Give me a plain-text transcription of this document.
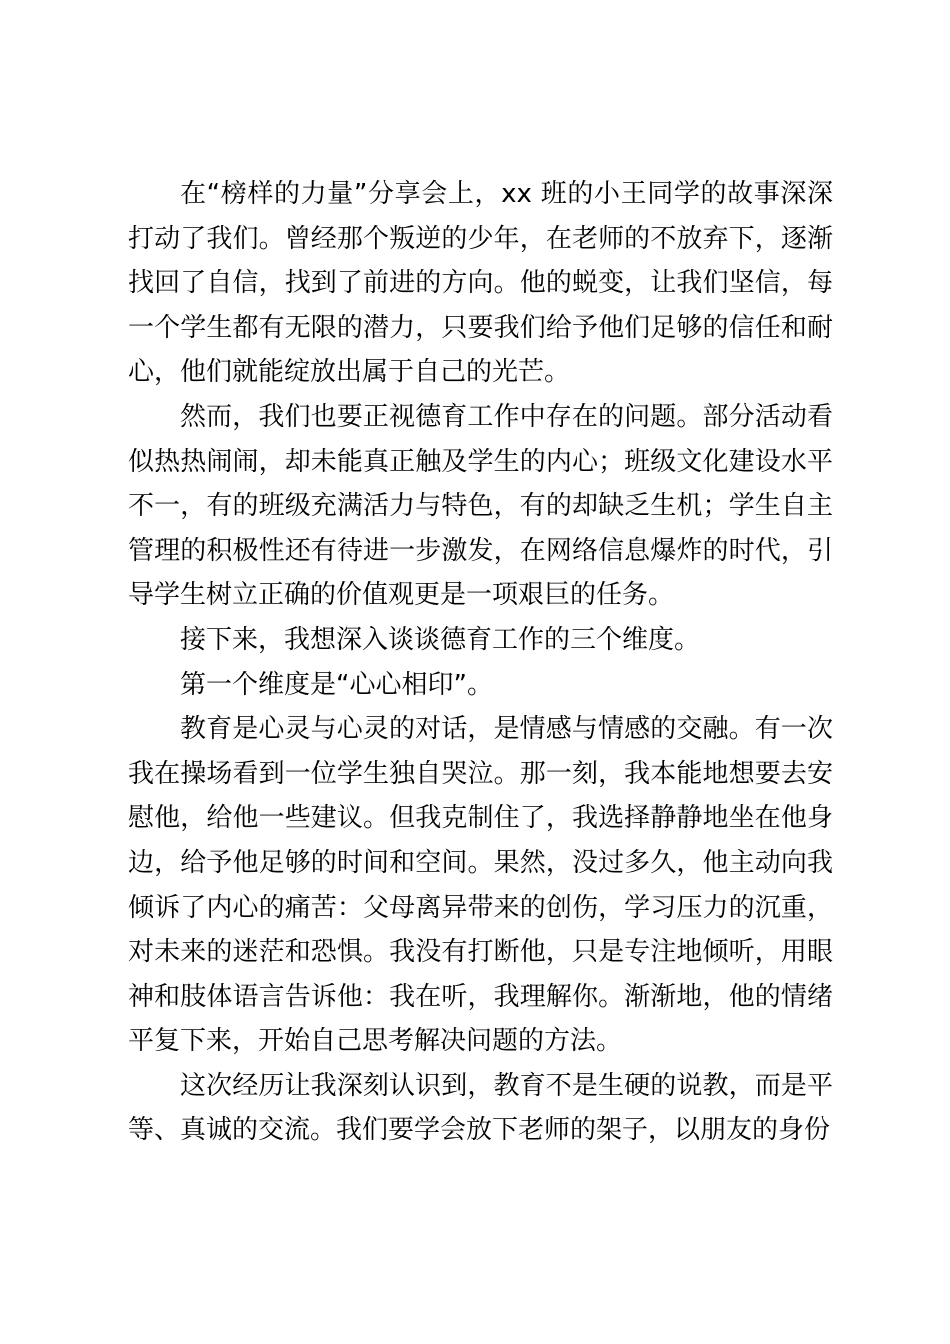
在“榜样的力量”分享会上，xx 班的小王同学的故事深深打动了我们。曾经那个叛逆的少年，在老师的不放弃下，逐渐找回了自信，找到了前进的方向。他的蜕变，让我们坚信，每一个学生都有无限的潜力，只要我们给予他们足够的信任和耐心，他们就能绽放出属于自己的光芒。

然而，我们也要正视德育工作中存在的问题。部分活动看似热热闹闹，却未能真正触及学生的内心；班级文化建设水平不一，有的班级充满活力与特色，有的却缺乏生机；学生自主管理的积极性还有待进一步激发，在网络信息爆炸的时代，引导学生树立正确的价值观更是一项艰巨的任务。

接下来，我想深入谈谈德育工作的三个维度。

第一个维度是“心心相印”。

教育是心灵与心灵的对话，是情感与情感的交融。有一次我在操场看到一位学生独自哭泣。那一刻，我本能地想要去安慰他，给他一些建议。但我克制住了，我选择静静地坐在他身边，给予他足够的时间和空间。果然，没过多久，他主动向我倾诉了内心的痛苦：父母离异带来的创伤，学习压力的沉重，对未来的迷茫和恐惧。我没有打断他，只是专注地倾听，用眼神和肢体语言告诉他：我在听，我理解你。渐渐地，他的情绪平复下来，开始自己思考解决问题的方法。

这次经历让我深刻认识到，教育不是生硬的说教，而是平等、真诚的交流。我们要学会放下老师的架子，以朋友的身份
